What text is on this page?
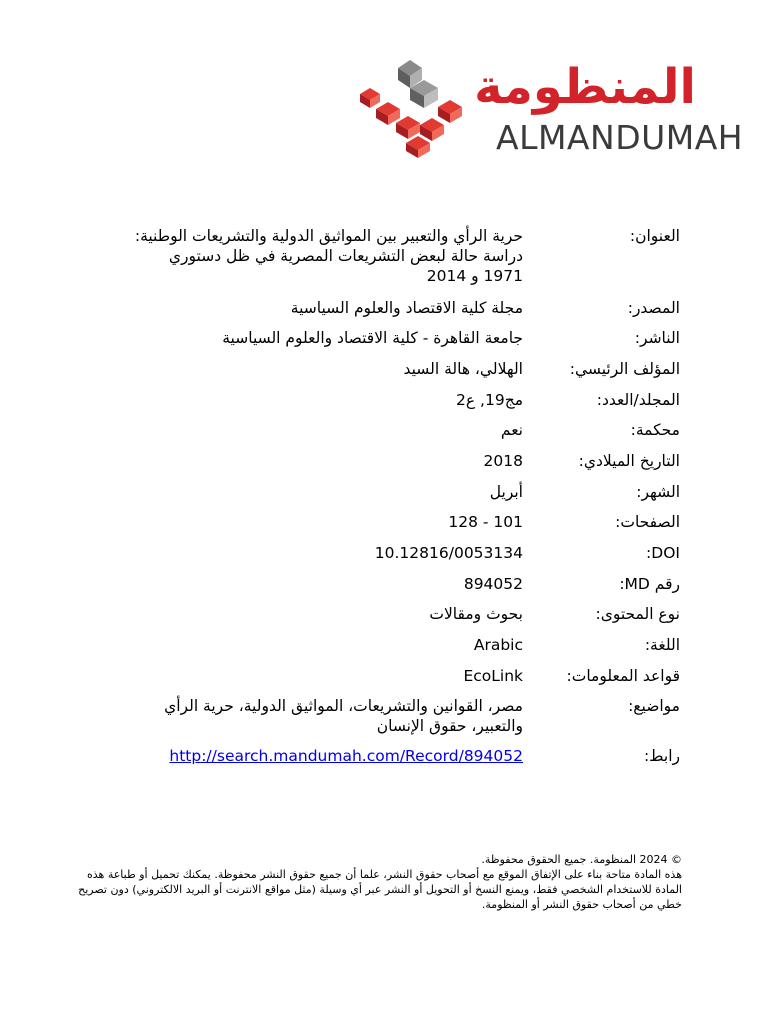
المنظومة
ALMANDUMAH
العنوان:
حرية الرأي والتعبير بين المواثيق الدولية والتشريعات الوطنية: دراسة حالة لبعض التشريعات المصرية في ظل دستوري 1971 و 2014
المصدر:
مجلة كلية الاقتصاد والعلوم السياسية
الناشر:
جامعة القاهرة - كلية الاقتصاد والعلوم السياسية
المؤلف الرئيسي:
الهلالي، هالة السيد
المجلد/العدد:
مج19, ع2
محكمة:
نعم
التاريخ الميلادي:
2018
الشهر:
أبريل
الصفحات:
101 - 128
DOI:
10.12816/0053134
رقم MD:
894052
نوع المحتوى:
بحوث ومقالات
اللغة:
Arabic
قواعد المعلومات:
EcoLink
مواضيع:
مصر، القوانين والتشريعات، المواثيق الدولية، حرية الرأي والتعبير، حقوق الإنسان
رابط:
http://search.mandumah.com/Record/894052
© 2024 المنظومة. جميع الحقوق محفوظة.
هذه المادة متاحة بناء على الإتفاق الموقع مع أصحاب حقوق النشر، علما أن جميع حقوق النشر محفوظة. يمكنك تحميل أو طباعة هذه المادة للاستخدام الشخصي فقط، ويمنع النسخ أو التحويل أو النشر عبر أي وسيلة (مثل مواقع الانترنت أو البريد الالكتروني) دون تصريح خطي من أصحاب حقوق النشر أو المنظومة.
